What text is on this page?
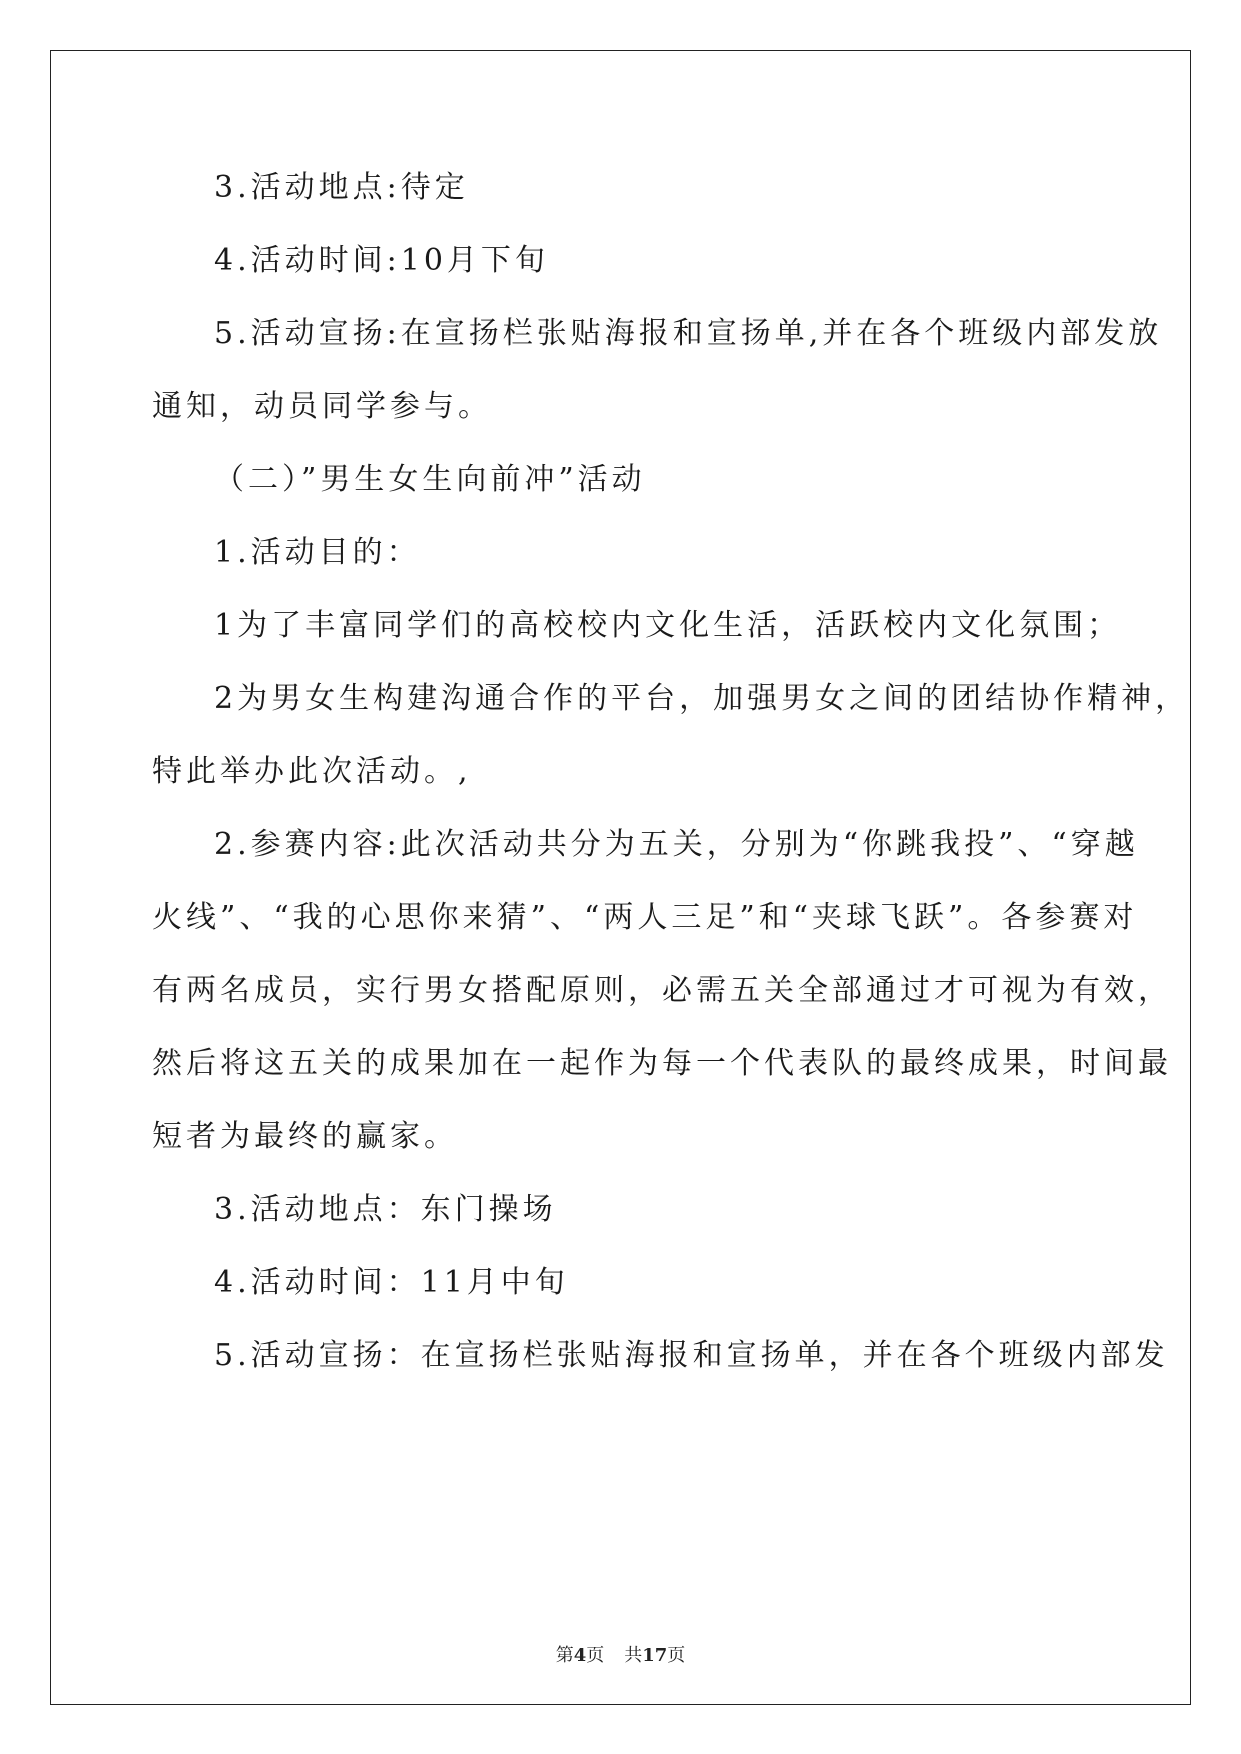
3.活动地点:待定
4.活动时间:10月下旬
5.活动宣扬:在宣扬栏张贴海报和宣扬单,并在各个班级内部发放
通知，动员同学参与。
（二）”男生女生向前冲”活动
1.活动目的：
1为了丰富同学们的高校校内文化生活，活跃校内文化氛围；
2为男女生构建沟通合作的平台，加强男女之间的团结协作精神，
特此举办此次活动。,
2.参赛内容:此次活动共分为五关，分别为“你跳我投”、“穿越
火线”、“我的心思你来猜”、“两人三足”和“夹球飞跃”。各参赛对
有两名成员，实行男女搭配原则，必需五关全部通过才可视为有效，
然后将这五关的成果加在一起作为每一个代表队的最终成果，时间最
短者为最终的赢家。
3.活动地点：东门操场
4.活动时间：11月中旬
5.活动宣扬：在宣扬栏张贴海报和宣扬单，并在各个班级内部发
第4页 共17页
